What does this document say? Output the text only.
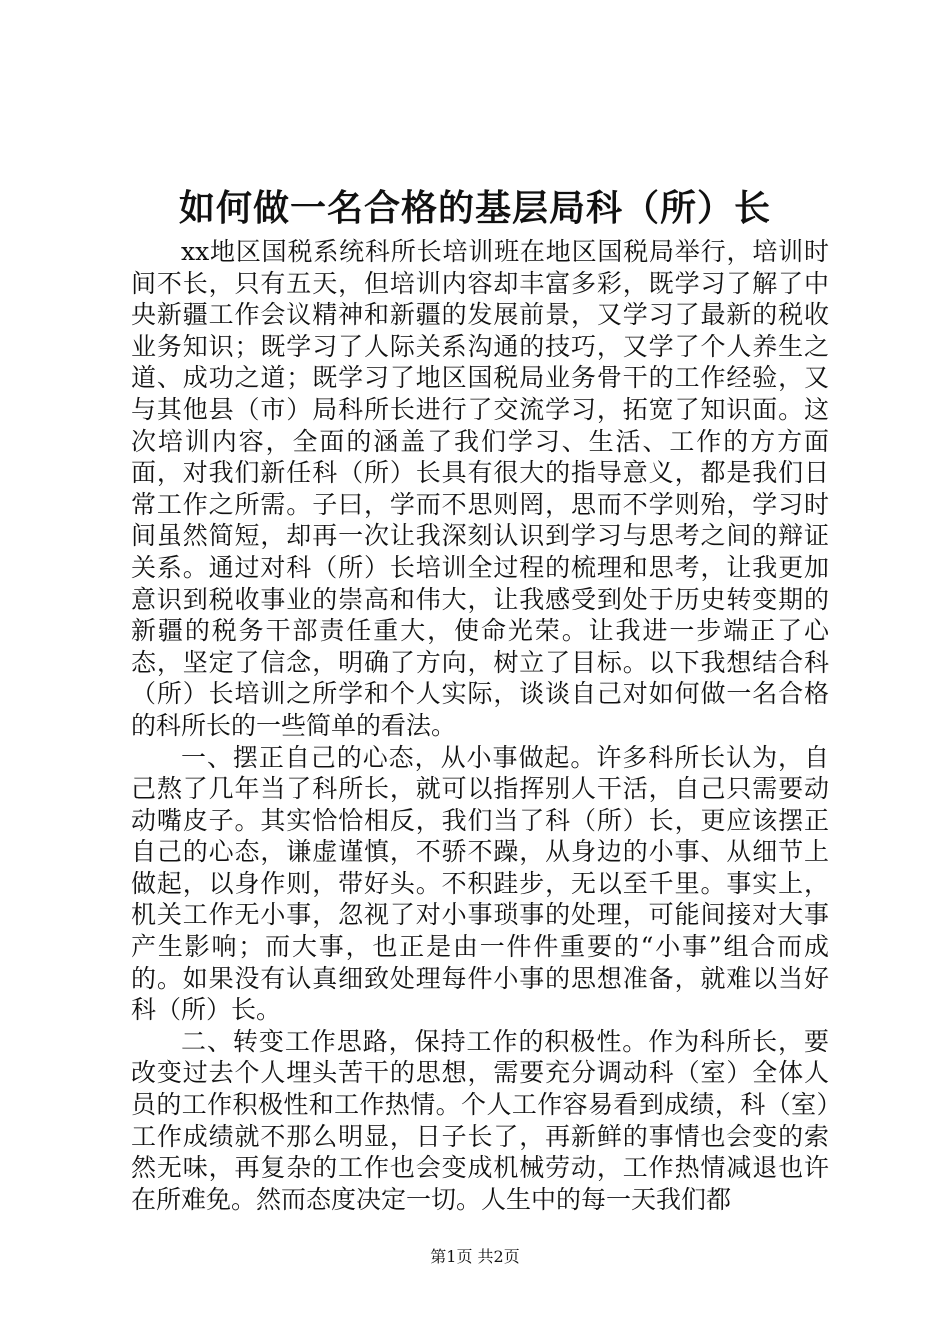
如何做一名合格的基层局科（所）长

xx地区国税系统科所长培训班在地区国税局举行，培训时间不长，只有五天，但培训内容却丰富多彩，既学习了解了中央新疆工作会议精神和新疆的发展前景，又学习了最新的税收业务知识；既学习了人际关系沟通的技巧，又学了个人养生之道、成功之道；既学习了地区国税局业务骨干的工作经验，又与其他县（市）局科所长进行了交流学习，拓宽了知识面。这次培训内容，全面的涵盖了我们学习、生活、工作的方方面面，对我们新任科（所）长具有很大的指导意义，都是我们日常工作之所需。子曰，学而不思则罔，思而不学则殆，学习时间虽然简短，却再一次让我深刻认识到学习与思考之间的辩证关系。通过对科（所）长培训全过程的梳理和思考，让我更加意识到税收事业的崇高和伟大，让我感受到处于历史转变期的新疆的税务干部责任重大，使命光荣。让我进一步端正了心态，坚定了信念，明确了方向，树立了目标。以下我想结合科（所）长培训之所学和个人实际，谈谈自己对如何做一名合格的科所长的一些简单的看法。

一、摆正自己的心态，从小事做起。许多科所长认为，自己熬了几年当了科所长，就可以指挥别人干活，自己只需要动动嘴皮子。其实恰恰相反，我们当了科（所）长，更应该摆正自己的心态，谦虚谨慎，不骄不躁，从身边的小事、从细节上做起，以身作则，带好头。不积跬步，无以至千里。事实上，机关工作无小事，忽视了对小事琐事的处理，可能间接对大事产生影响；而大事，也正是由一件件重要的“小事”组合而成的。如果没有认真细致处理每件小事的思想准备，就难以当好科（所）长。

二、转变工作思路，保持工作的积极性。作为科所长，要改变过去个人埋头苦干的思想，需要充分调动科（室）全体人员的工作积极性和工作热情。个人工作容易看到成绩，科（室）工作成绩就不那么明显，日子长了，再新鲜的事情也会变的索然无味，再复杂的工作也会变成机械劳动，工作热情减退也许在所难免。然而态度决定一切。人生中的每一天我们都

第1页 共2页
